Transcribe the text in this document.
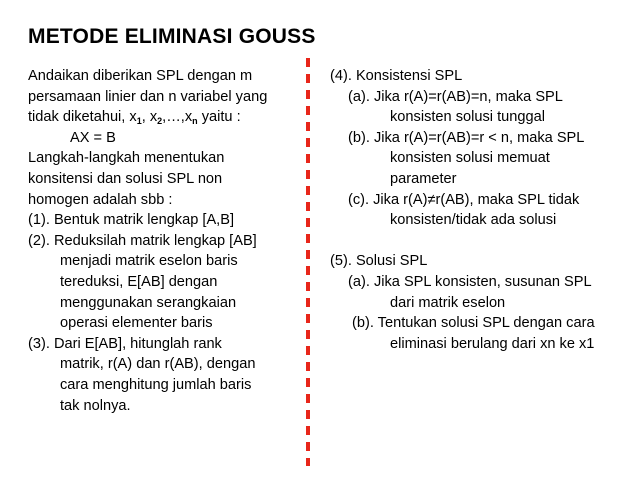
METODE ELIMINASI GOUSS
Andaikan diberikan SPL dengan m
persamaan linier dan n variabel yang
tidak diketahui, $x_1$, $x_2,\dots,x_n$ yaitu :
AX = B
Langkah-langkah menentukan
konsitensi dan solusi SPL non
homogen adalah sbb :
(1). Bentuk matrik lengkap [A,B]
(2). Reduksilah matrik lengkap [AB]
menjadi matrik eselon baris
tereduksi, E[AB] dengan
menggunakan serangkaian
operasi elementer baris
(3). Dari E[AB], hitunglah rank
matrik, r(A) dan r(AB), dengan
cara menghitung jumlah baris
tak nolnya.
(4). Konsistensi SPL
(a). Jika r(A)=r(AB)=n, maka SPL
konsisten solusi tunggal
(b). Jika r(A)=r(AB)=r < n, maka SPL
konsisten solusi memuat
parameter
(c). Jika r(A)≠r(AB), maka SPL tidak
konsisten/tidak ada solusi
(5). Solusi SPL
(a). Jika SPL konsisten, susunan SPL
dari matrik eselon
(b). Tentukan solusi SPL dengan cara
eliminasi berulang dari xn ke x1
